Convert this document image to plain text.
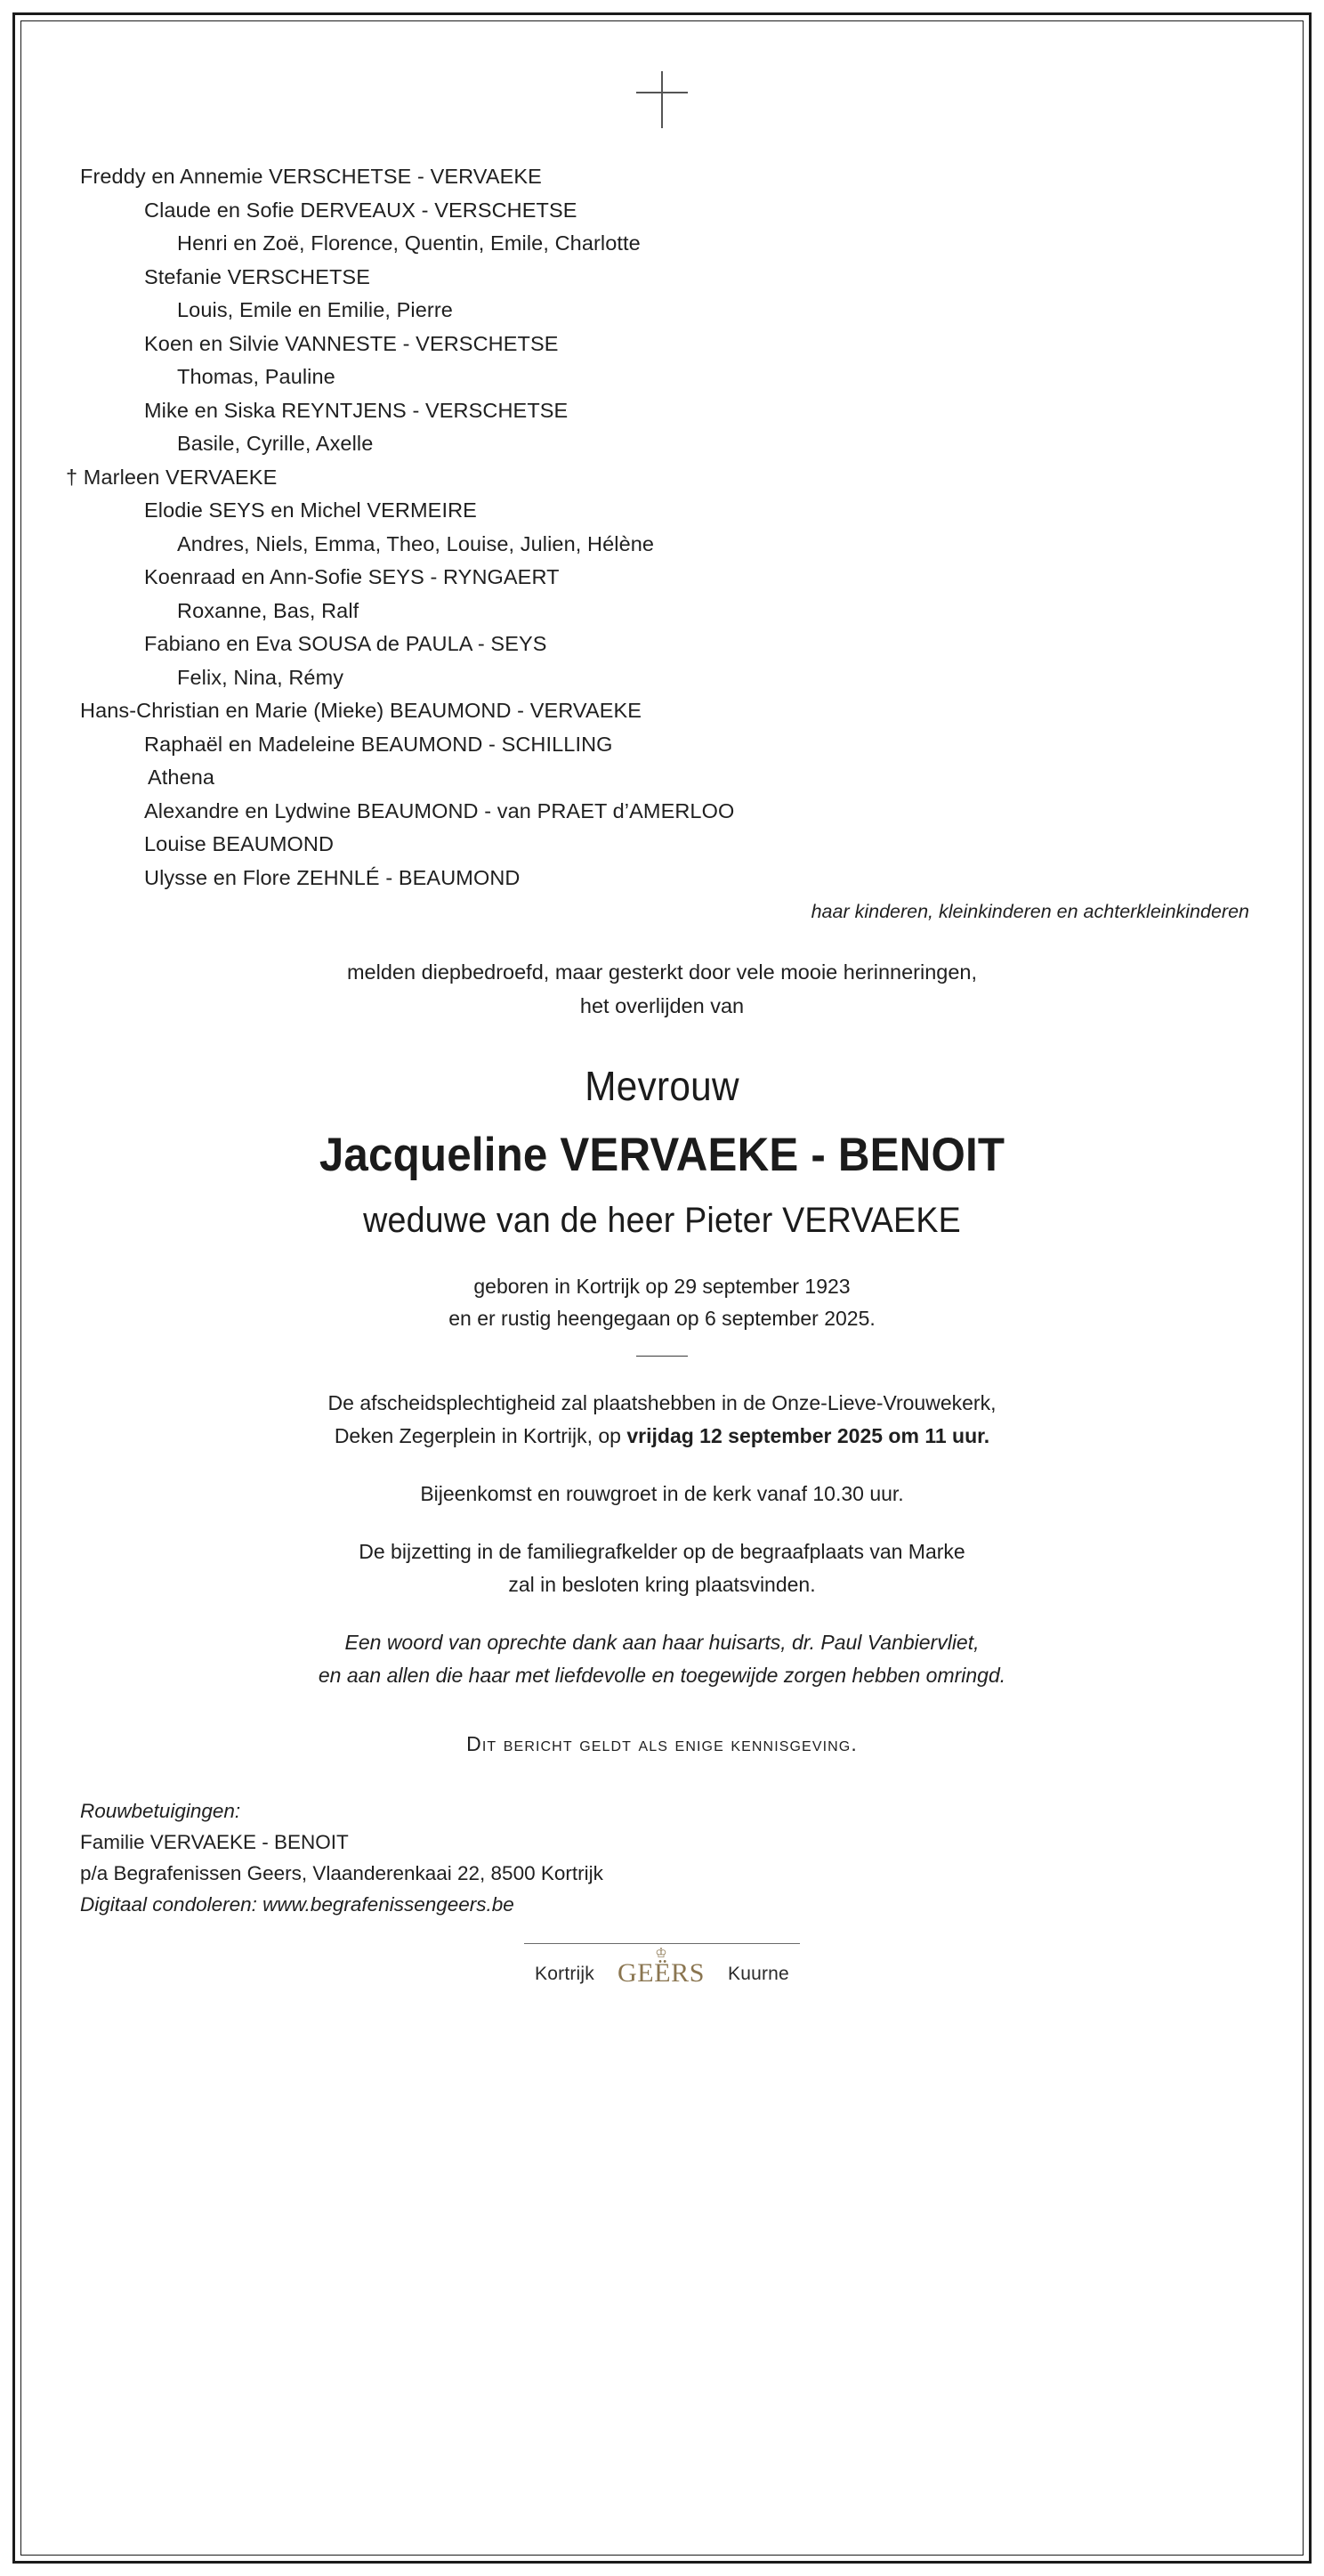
Freddy en Annemie VERSCHETSE - VERVAEKE
Claude en Sofie DERVEAUX - VERSCHETSE
Henri en Zoë, Florence, Quentin, Emile, Charlotte
Stefanie VERSCHETSE
Louis, Emile en Emilie, Pierre
Koen en Silvie VANNESTE - VERSCHETSE
Thomas, Pauline
Mike en Siska REYNTJENS - VERSCHETSE
Basile, Cyrille, Axelle
† Marleen VERVAEKE
Elodie SEYS en Michel VERMEIRE
Andres, Niels, Emma, Theo, Louise, Julien, Hélène
Koenraad en Ann-Sofie SEYS - RYNGAERT
Roxanne, Bas, Ralf
Fabiano en Eva SOUSA de PAULA - SEYS
Felix, Nina, Rémy
Hans-Christian en Marie (Mieke) BEAUMOND - VERVAEKE
Raphaël en Madeleine BEAUMOND - SCHILLING
Athena
Alexandre en Lydwine BEAUMOND - van PRAET d’AMERLOO
Louise BEAUMOND
Ulysse en Flore ZEHNLÉ - BEAUMOND
haar kinderen, kleinkinderen en achterkleinkinderen
melden diepbedroefd, maar gesterkt door vele mooie herinneringen,
het overlijden van
Mevrouw
Jacqueline VERVAEKE - BENOIT
weduwe van de heer Pieter VERVAEKE
geboren in Kortrijk op 29 september 1923
en er rustig heengegaan op 6 september 2025.
De afscheidsplechtigheid zal plaatshebben in de Onze-Lieve-Vrouwekerk,
Deken Zegerplein in Kortrijk, op vrijdag 12 september 2025 om 11 uur.
Bijeenkomst en rouwgroet in de kerk vanaf 10.30 uur.
De bijzetting in de familiegrafkelder op de begraafplaats van Marke
zal in besloten kring plaatsvinden.
Een woord van oprechte dank aan haar huisarts, dr. Paul Vanbiervliet,
en aan allen die haar met liefdevolle en toegewijde zorgen hebben omringd.
Dit bericht geldt als enige kennisgeving.
Rouwbetuigingen:
Familie VERVAEKE - BENOIT
p/a Begrafenissen Geers, Vlaanderenkaai 22, 8500 Kortrijk
Digitaal condoleren: www.begrafenissengeers.be
Kortrijk
♔
GEËRS Kuurne
